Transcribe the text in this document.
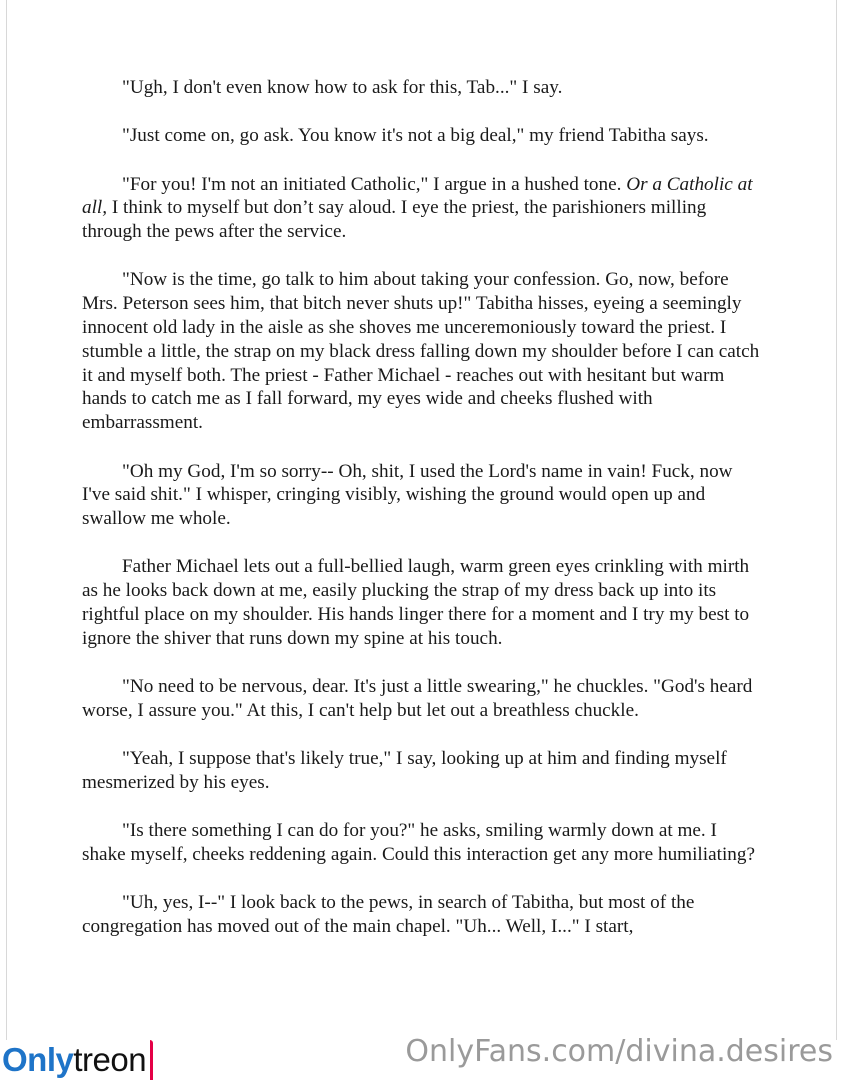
"Ugh, I don't even know how to ask for this, Tab..." I say.

"Just come on, go ask. You know it's not a big deal," my friend Tabitha says.

"For you! I'm not an initiated Catholic," I argue in a hushed tone. Or a Catholic at all, I think to myself but don’t say aloud. I eye the priest, the parishioners milling through the pews after the service.

"Now is the time, go talk to him about taking your confession. Go, now, before Mrs. Peterson sees him, that bitch never shuts up!" Tabitha hisses, eyeing a seemingly innocent old lady in the aisle as she shoves me unceremoniously toward the priest. I stumble a little, the strap on my black dress falling down my shoulder before I can catch it and myself both. The priest - Father Michael - reaches out with hesitant but warm hands to catch me as I fall forward, my eyes wide and cheeks flushed with embarrassment.

"Oh my God, I'm so sorry-- Oh, shit, I used the Lord's name in vain! Fuck, now I've said shit." I whisper, cringing visibly, wishing the ground would open up and swallow me whole.

Father Michael lets out a full-bellied laugh, warm green eyes crinkling with mirth as he looks back down at me, easily plucking the strap of my dress back up into its rightful place on my shoulder. His hands linger there for a moment and I try my best to ignore the shiver that runs down my spine at his touch.

"No need to be nervous, dear. It's just a little swearing," he chuckles. "God's heard worse, I assure you." At this, I can't help but let out a breathless chuckle.

"Yeah, I suppose that's likely true," I say, looking up at him and finding myself mesmerized by his eyes.

"Is there something I can do for you?" he asks, smiling warmly down at me. I shake myself, cheeks reddening again. Could this interaction get any more humiliating?

"Uh, yes, I--" I look back to the pews, in search of Tabitha, but most of the congregation has moved out of the main chapel. "Uh... Well, I..." I start,

Onlytreon	OnlyFans.com/divina.desires
